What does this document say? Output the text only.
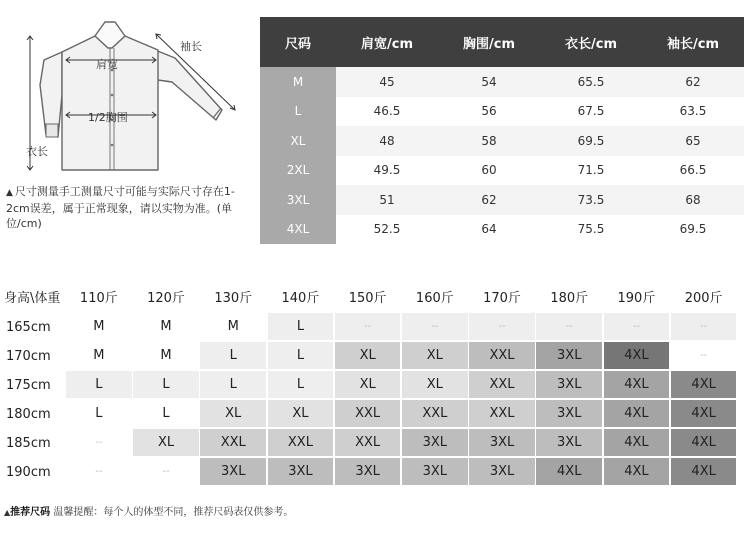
肩宽
袖长
1/2胸围
衣长
▲ 尺寸测量手工测量尺寸可能与实际尺寸存在1-2cm误差，属于正常现象，请以实物为准。(单位/cm)
尺码	肩宽/cm	胸围/cm	衣长/cm	袖长/cm
M	45	54	65.5	62
L	46.5	56	67.5	63.5
XL	48	58	69.5	65
2XL	49.5	60	71.5	66.5
3XL	51	62	73.5	68
4XL	52.5	64	75.5	69.5
身高\体重	110斤	120斤	130斤	140斤	150斤	160斤	170斤	180斤	190斤	200斤
165cm	M	M	M	L	--	--	--	--	--	--
170cm	M	M	L	L	XL	XL	XXL	3XL	4XL	--
175cm	L	L	L	L	XL	XL	XXL	3XL	4XL	4XL
180cm	L	L	XL	XL	XXL	XXL	XXL	3XL	4XL	4XL
185cm	--	XL	XXL	XXL	XXL	3XL	3XL	3XL	4XL	4XL
190cm	--	--	3XL	3XL	3XL	3XL	3XL	4XL	4XL	4XL
▲推荐尺码 温馨提醒：每个人的体型不同，推荐尺码表仅供参考。
